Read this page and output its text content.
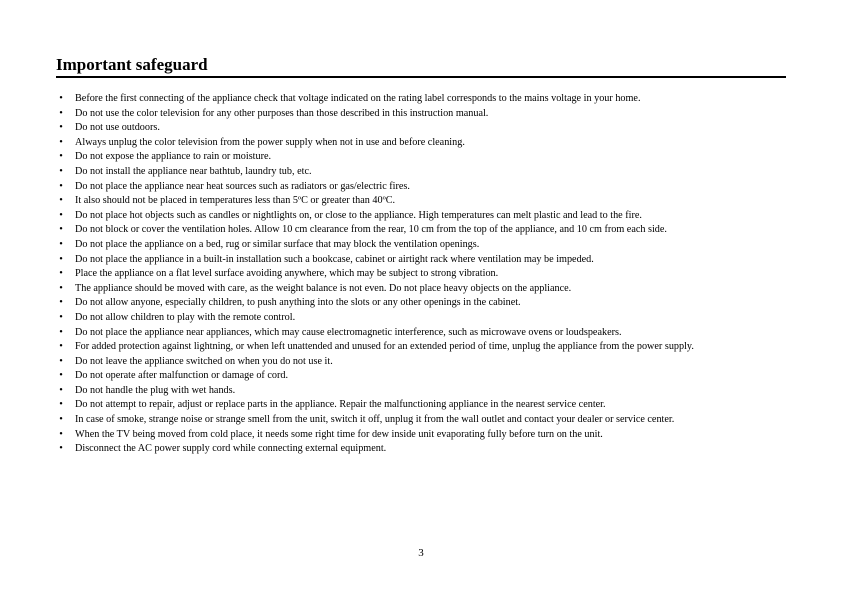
Important safeguard
•	Before the first connecting of the appliance check that voltage indicated on the rating label corresponds to the mains voltage in your home.
•	Do not use the color television for any other purposes than those described in this instruction manual.
•	Do not use outdoors.
•	Always unplug the color television from the power supply when not in use and before cleaning.
•	Do not expose the appliance to rain or moisture.
•	Do not install the appliance near bathtub, laundry tub, etc.
•	Do not place the appliance near heat sources such as radiators or gas/electric fires.
•	It also should not be placed in temperatures less than 5ºC or greater than 40ºC.
•	Do not place hot objects such as candles or nightlights on, or close to the appliance. High temperatures can melt plastic and lead to the fire.
•	Do not block or cover the ventilation holes. Allow 10 cm clearance from the rear, 10 cm from the top of the appliance, and 10 cm from each side.
•	Do not place the appliance on a bed, rug or similar surface that may block the ventilation openings.
•	Do not place the appliance in a built-in installation such a bookcase, cabinet or airtight rack where ventilation may be impeded.
•	Place the appliance on a flat level surface avoiding anywhere, which may be subject to strong vibration.
•	The appliance should be moved with care, as the weight balance is not even. Do not place heavy objects on the appliance.
•	Do not allow anyone, especially children, to push anything into the slots or any other openings in the cabinet.
•	Do not allow children to play with the remote control.
•	Do not place the appliance near appliances, which may cause electromagnetic interference, such as microwave ovens or loudspeakers.
•	For added protection against lightning, or when left unattended and unused for an extended period of time, unplug the appliance from the power supply.
•	Do not leave the appliance switched on when you do not use it.
•	Do not operate after malfunction or damage of cord.
•	Do not handle the plug with wet hands.
•	Do not attempt to repair, adjust or replace parts in the appliance. Repair the malfunctioning appliance in the nearest service center.
•	In case of smoke, strange noise or strange smell from the unit, switch it off, unplug it from the wall outlet and contact your dealer or service center.
•	When the TV being moved from cold place, it needs some right time for dew inside unit evaporating fully before turn on the unit.
•	Disconnect the AC power supply cord while connecting external equipment.
3
